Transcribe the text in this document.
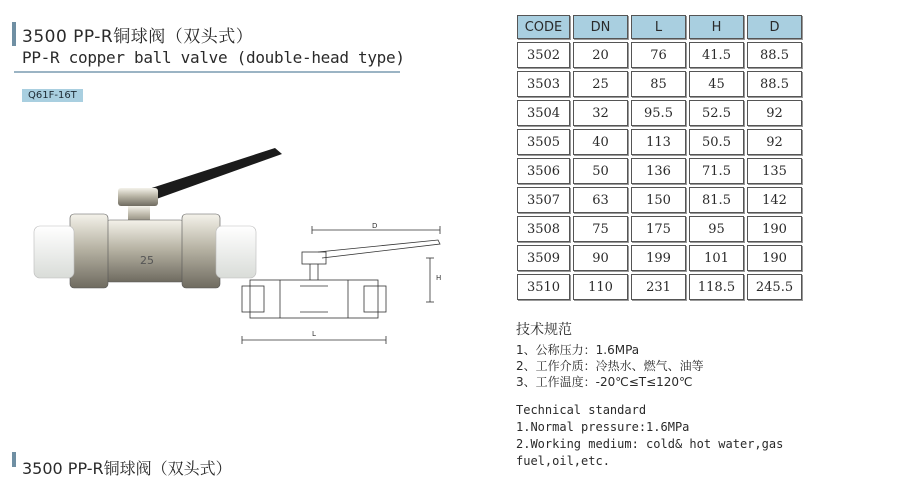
3500 PP-R铜球阀（双头式）
PP-R copper ball valve (double-head type)
Q61F-16T
25
D
H
L
CODE	DN	L	H	D
3502	20	76	41.5	88.5
3503	25	85	45	88.5
3504	32	95.5	52.5	92
3505	40	113	50.5	92
3506	50	136	71.5	135
3507	63	150	81.5	142
3508	75	175	95	190
3509	90	199	101	190
3510	110	231	118.5	245.5
技术规范
1、公称压力：1.6MPa
2、工作介质：冷热水、燃气、油等
3、工作温度：-20℃≤T≤120℃
Technical standard
1.Normal pressure:1.6MPa
2.Working medium: cold& hot water,gas
fuel,oil,etc.
3500 PP-R铜球阀（双头式）
